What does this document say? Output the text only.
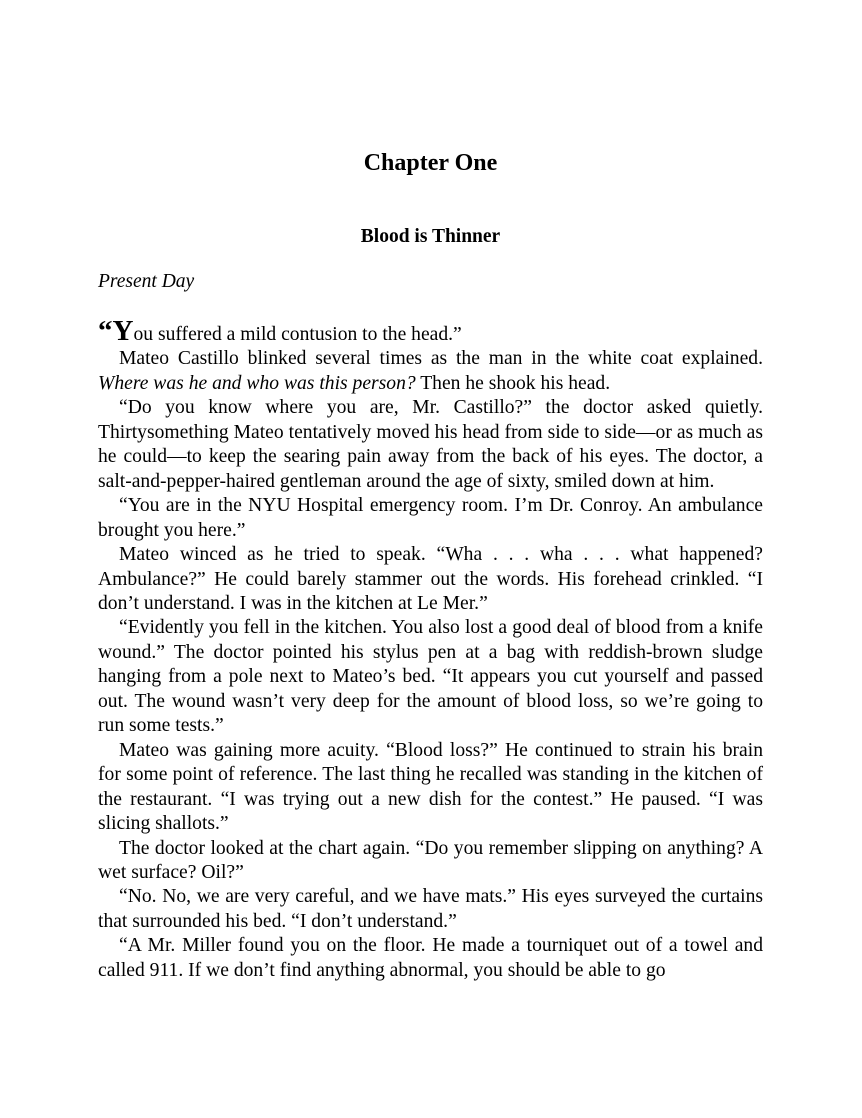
Chapter One
Blood is Thinner

Present Day

“You suffered a mild contusion to the head.”

Mateo Castillo blinked several times as the man in the white coat explained. Where was he and who was this person? Then he shook his head.

“Do you know where you are, Mr. Castillo?” the doctor asked quietly. Thirtysomething Mateo tentatively moved his head from side to side—or as much as he could—to keep the searing pain away from the back of his eyes. The doctor, a salt-and-pepper-haired gentleman around the age of sixty, smiled down at him.

“You are in the NYU Hospital emergency room. I’m Dr. Conroy. An ambulance brought you here.”

Mateo winced as he tried to speak. “Wha . . . wha . . . what happened? Ambulance?” He could barely stammer out the words. His forehead crinkled. “I don’t understand. I was in the kitchen at Le Mer.”

“Evidently you fell in the kitchen. You also lost a good deal of blood from a knife wound.” The doctor pointed his stylus pen at a bag with reddish-brown sludge hanging from a pole next to Mateo’s bed. “It appears you cut yourself and passed out. The wound wasn’t very deep for the amount of blood loss, so we’re going to run some tests.”

Mateo was gaining more acuity. “Blood loss?” He continued to strain his brain for some point of reference. The last thing he recalled was standing in the kitchen of the restaurant. “I was trying out a new dish for the contest.” He paused. “I was slicing shallots.”

The doctor looked at the chart again. “Do you remember slipping on anything? A wet surface? Oil?”

“No. No, we are very careful, and we have mats.” His eyes surveyed the curtains that surrounded his bed. “I don’t understand.”

“A Mr. Miller found you on the floor. He made a tourniquet out of a towel and called 911. If we don’t find anything abnormal, you should be able to go
